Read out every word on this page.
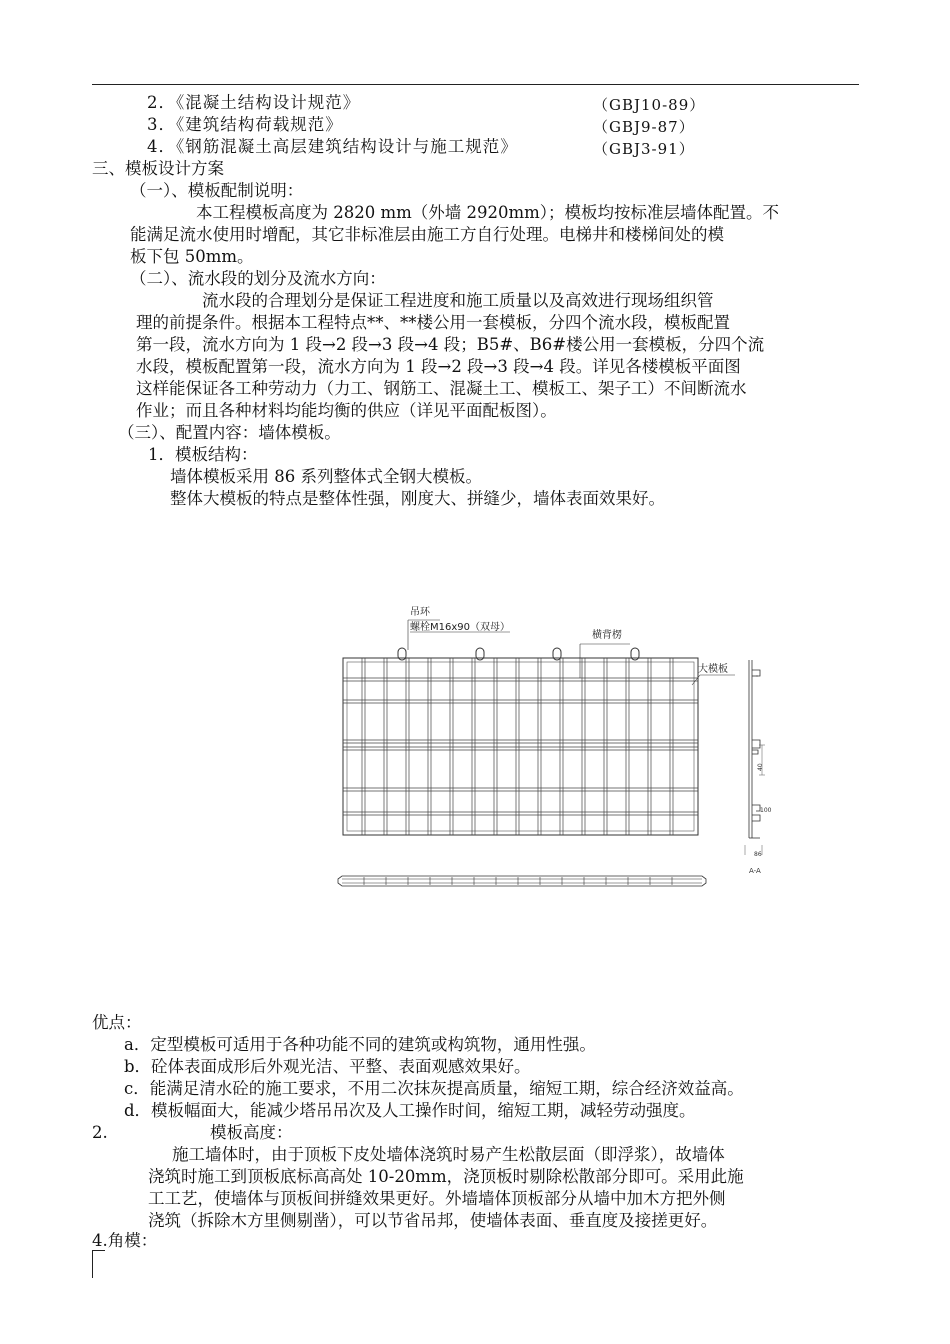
2．《混凝土结构设计规范》	（GBJ10-89）
3．《建筑结构荷载规范》	（GBJ9-87）
4．《钢筋混凝土高层建筑结构设计与施工规范》	（GBJ3-91）
三、模板设计方案
（一）、模板配制说明：
本工程模板高度为 2820 mm（外墙 2920mm）；模板均按标准层墙体配置。不
能满足流水使用时增配，其它非标准层由施工方自行处理。电梯井和楼梯间处的模
板下包 50mm。
（二）、流水段的划分及流水方向：
流水段的合理划分是保证工程进度和施工质量以及高效进行现场组织管
理的前提条件。根据本工程特点**、**楼公用一套模板，分四个流水段，模板配置
第一段，流水方向为 1 段→2 段→3 段→4 段；B5#、B6#楼公用一套模板，分四个流
水段，模板配置第一段，流水方向为 1 段→2 段→3 段→4 段。详见各楼模板平面图
这样能保证各工种劳动力（力工、钢筋工、混凝土工、模板工、架子工）不间断流水
作业；而且各种材料均能均衡的供应（详见平面配板图）。
（三）、配置内容：墙体模板。
1．模板结构：
墙体模板采用 86 系列整体式全钢大模板。
整体大模板的特点是整体性强，刚度大、拼缝少，墙体表面效果好。
吊环
螺栓M16x90（双母）
横背楞
大模板
40
100
86
A-A
优点：
a．定型模板可适用于各种功能不同的建筑或构筑物，通用性强。
b．砼体表面成形后外观光洁、平整、表面观感效果好。
c．能满足清水砼的施工要求，不用二次抹灰提高质量，缩短工期，综合经济效益高。
d．模板幅面大，能减少塔吊吊次及人工操作时间，缩短工期，减轻劳动强度。
2.	模板高度：
施工墙体时，由于顶板下皮处墙体浇筑时易产生松散层面（即浮浆），故墙体
浇筑时施工到顶板底标高高处 10-20mm，浇顶板时剔除松散部分即可。采用此施
工工艺，使墙体与顶板间拼缝效果更好。外墙墙体顶板部分从墙中加木方把外侧
浇筑（拆除木方里侧剔凿），可以节省吊邦，使墙体表面、垂直度及接搓更好。
4.角模：
